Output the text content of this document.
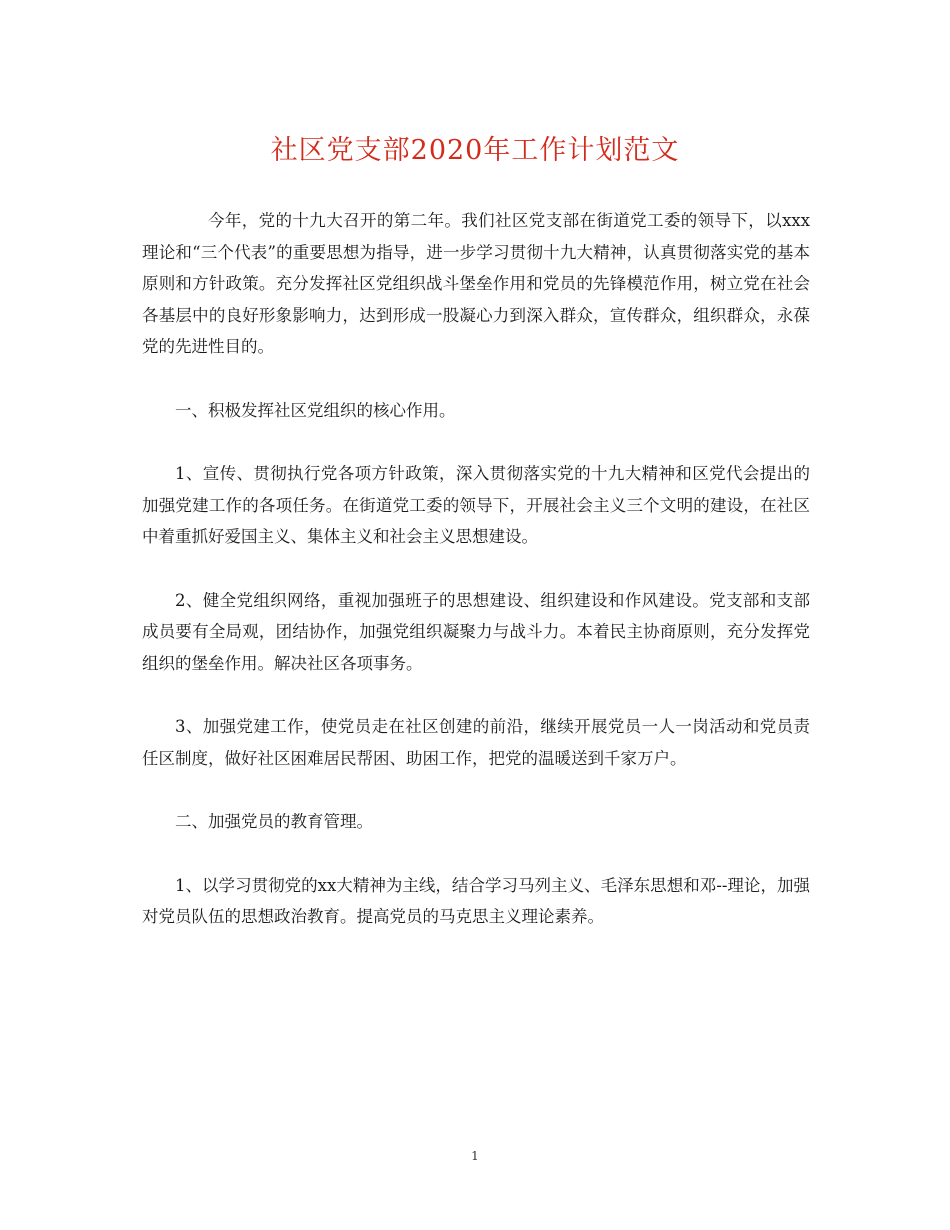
社区党支部2020年工作计划范文

今年，党的十九大召开的第二年。我们社区党支部在街道党工委的领导下，以xxx理论和“三个代表”的重要思想为指导，进一步学习贯彻十九大精神，认真贯彻落实党的基本原则和方针政策。充分发挥社区党组织战斗堡垒作用和党员的先锋模范作用，树立党在社会各基层中的良好形象影响力，达到形成一股凝心力到深入群众，宣传群众，组织群众，永葆党的先进性目的。

一、积极发挥社区党组织的核心作用。

1、宣传、贯彻执行党各项方针政策，深入贯彻落实党的十九大精神和区党代会提出的加强党建工作的各项任务。在街道党工委的领导下，开展社会主义三个文明的建设，在社区中着重抓好爱国主义、集体主义和社会主义思想建设。

2、健全党组织网络，重视加强班子的思想建设、组织建设和作风建设。党支部和支部成员要有全局观，团结协作，加强党组织凝聚力与战斗力。本着民主协商原则，充分发挥党组织的堡垒作用。解决社区各项事务。

3、加强党建工作，使党员走在社区创建的前沿，继续开展党员一人一岗活动和党员责任区制度，做好社区困难居民帮困、助困工作，把党的温暖送到千家万户。

二、加强党员的教育管理。

1、以学习贯彻党的xx大精神为主线，结合学习马列主义、毛泽东思想和邓--理论，加强对党员队伍的思想政治教育。提高党员的马克思主义理论素养。

1
